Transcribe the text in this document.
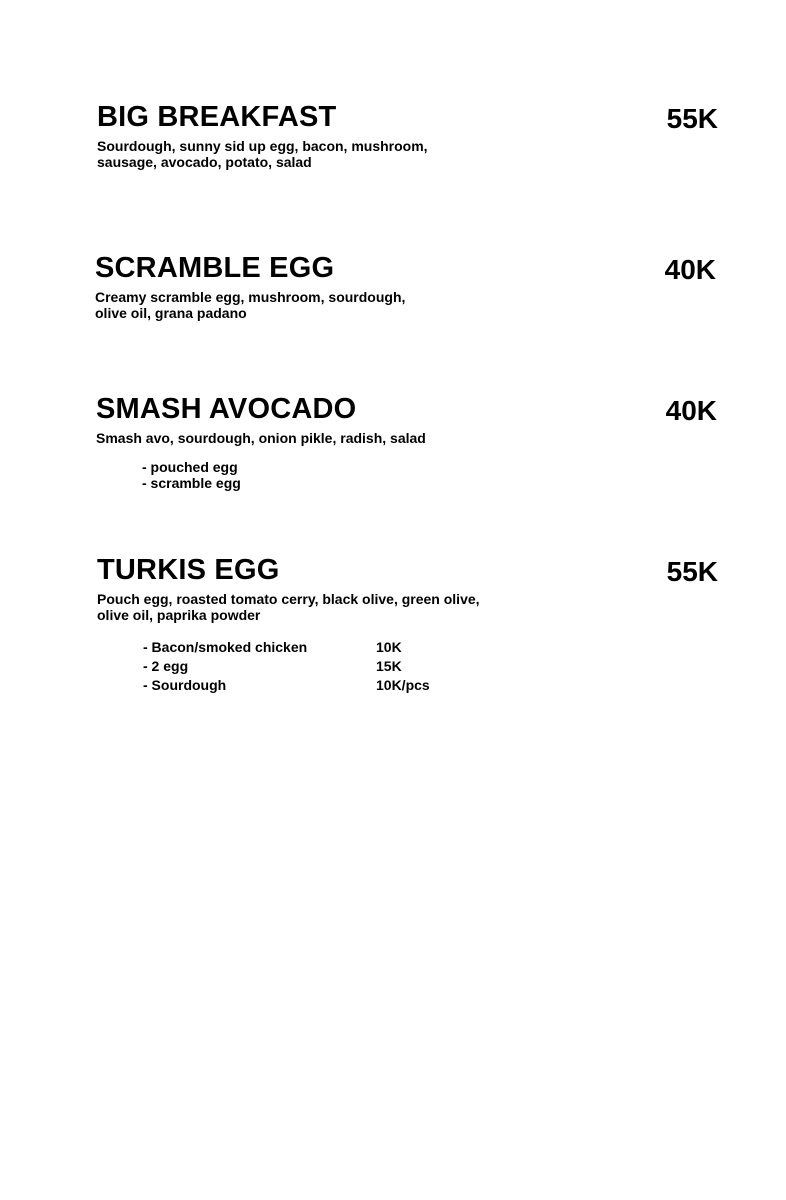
BIG BREAKFAST	55K

Sourdough, sunny sid up egg, bacon, mushroom,
sausage, avocado, potato, salad

SCRAMBLE EGG	40K

Creamy scramble egg, mushroom, sourdough,
olive oil, grana padano

SMASH AVOCADO	40K

Smash avo, sourdough, onion pikle, radish, salad

- pouched egg
- scramble egg
TURKIS EGG	55K

Pouch egg, roasted tomato cerry, black olive, green olive,
olive oil, paprika powder

- Bacon/smoked chicken	10K
- 2 egg	15K
- Sourdough	10K/pcs
